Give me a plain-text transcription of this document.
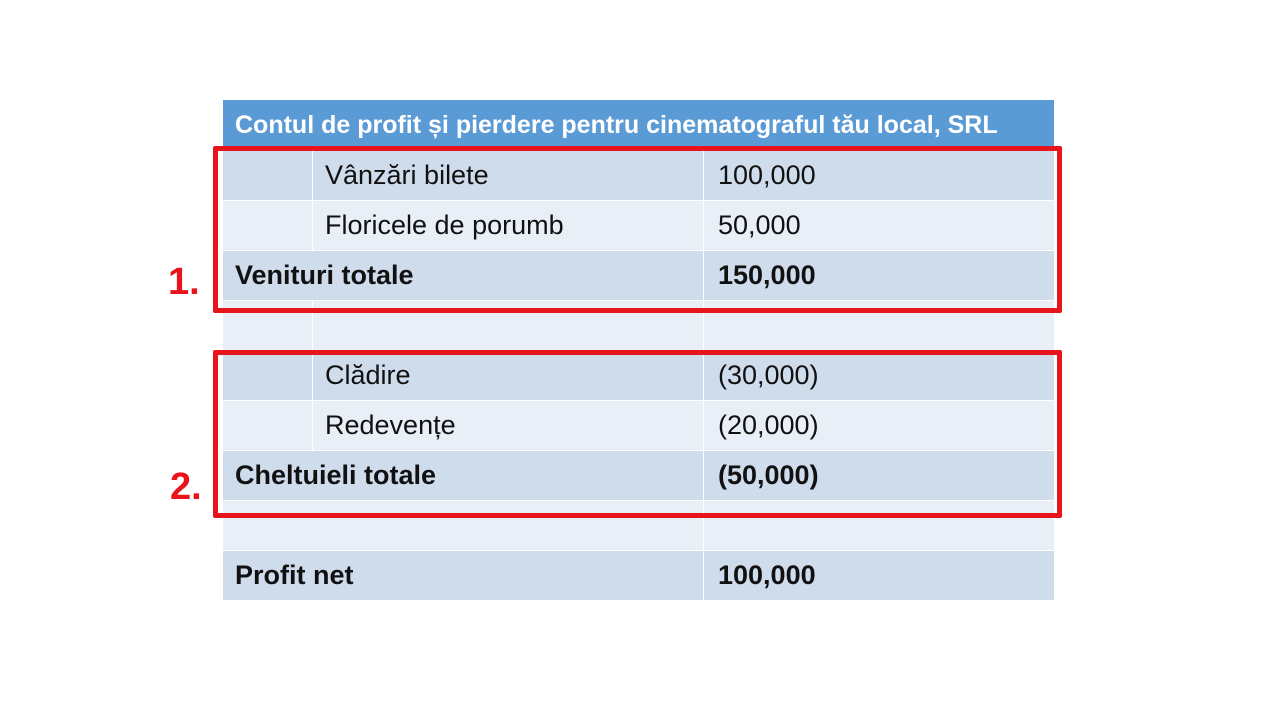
Contul de profit și pierdere pentru cinematograful tău local, SRL
Vânzări bilete	100,000
Floricele de porumb	50,000
Venituri totale	150,000
Clădire	(30,000)
Redevențe	(20,000)
Cheltuieli totale	(50,000)
Profit net	100,000
1.
2.
